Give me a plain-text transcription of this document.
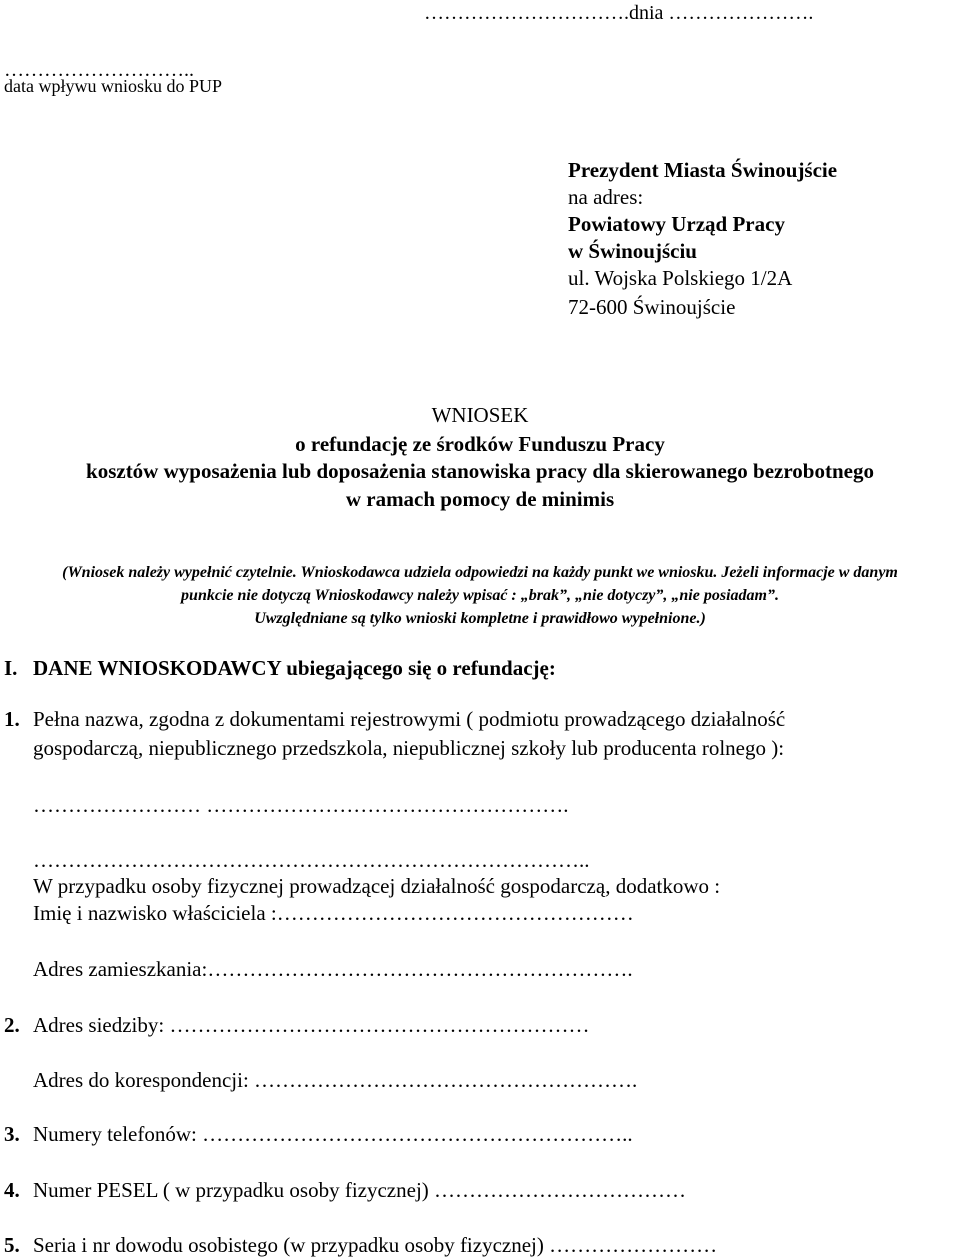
………………………….dnia ………………….
………………………..
data wpływu wniosku do PUP
Prezydent Miasta Świnoujście
na adres:
Powiatowy Urząd Pracy
w Świnoujściu
ul. Wojska Polskiego 1/2A
72-600 Świnoujście
WNIOSEK
o refundację ze środków Funduszu Pracy
kosztów wyposażenia lub doposażenia stanowiska pracy dla skierowanego bezrobotnego
w ramach pomocy de minimis
(Wniosek należy wypełnić czytelnie. Wnioskodawca udziela odpowiedzi na każdy punkt we wniosku. Jeżeli informacje w danym
punkcie nie dotyczą Wnioskodawcy należy wpisać : „brak”, „nie dotyczy”, „nie posiadam”.
Uwzględniane są tylko wnioski kompletne i prawidłowo wypełnione.)
I. DANE WNIOSKODAWCY ubiegającego się o refundację:
1. Pełna nazwa, zgodna z dokumentami rejestrowymi ( podmiotu prowadzącego działalność
gospodarczą, niepublicznego przedszkola, niepublicznej szkoły lub producenta rolnego ):
…………………… …………………………………………….
……………………………………………………………………..
W przypadku osoby fizycznej prowadzącej działalność gospodarczą, dodatkowo :
Imię i nazwisko właściciela :……………………………………………
Adres zamieszkania:…………………………………………………….
2. Adres siedziby: ……………………………………………………
Adres do korespondencji: ……………………………………………….
3. Numery telefonów: ……………………………………………………..
4. Numer PESEL ( w przypadku osoby fizycznej) ………………………………
5. Seria i nr dowodu osobistego (w przypadku osoby fizycznej) ……………………
